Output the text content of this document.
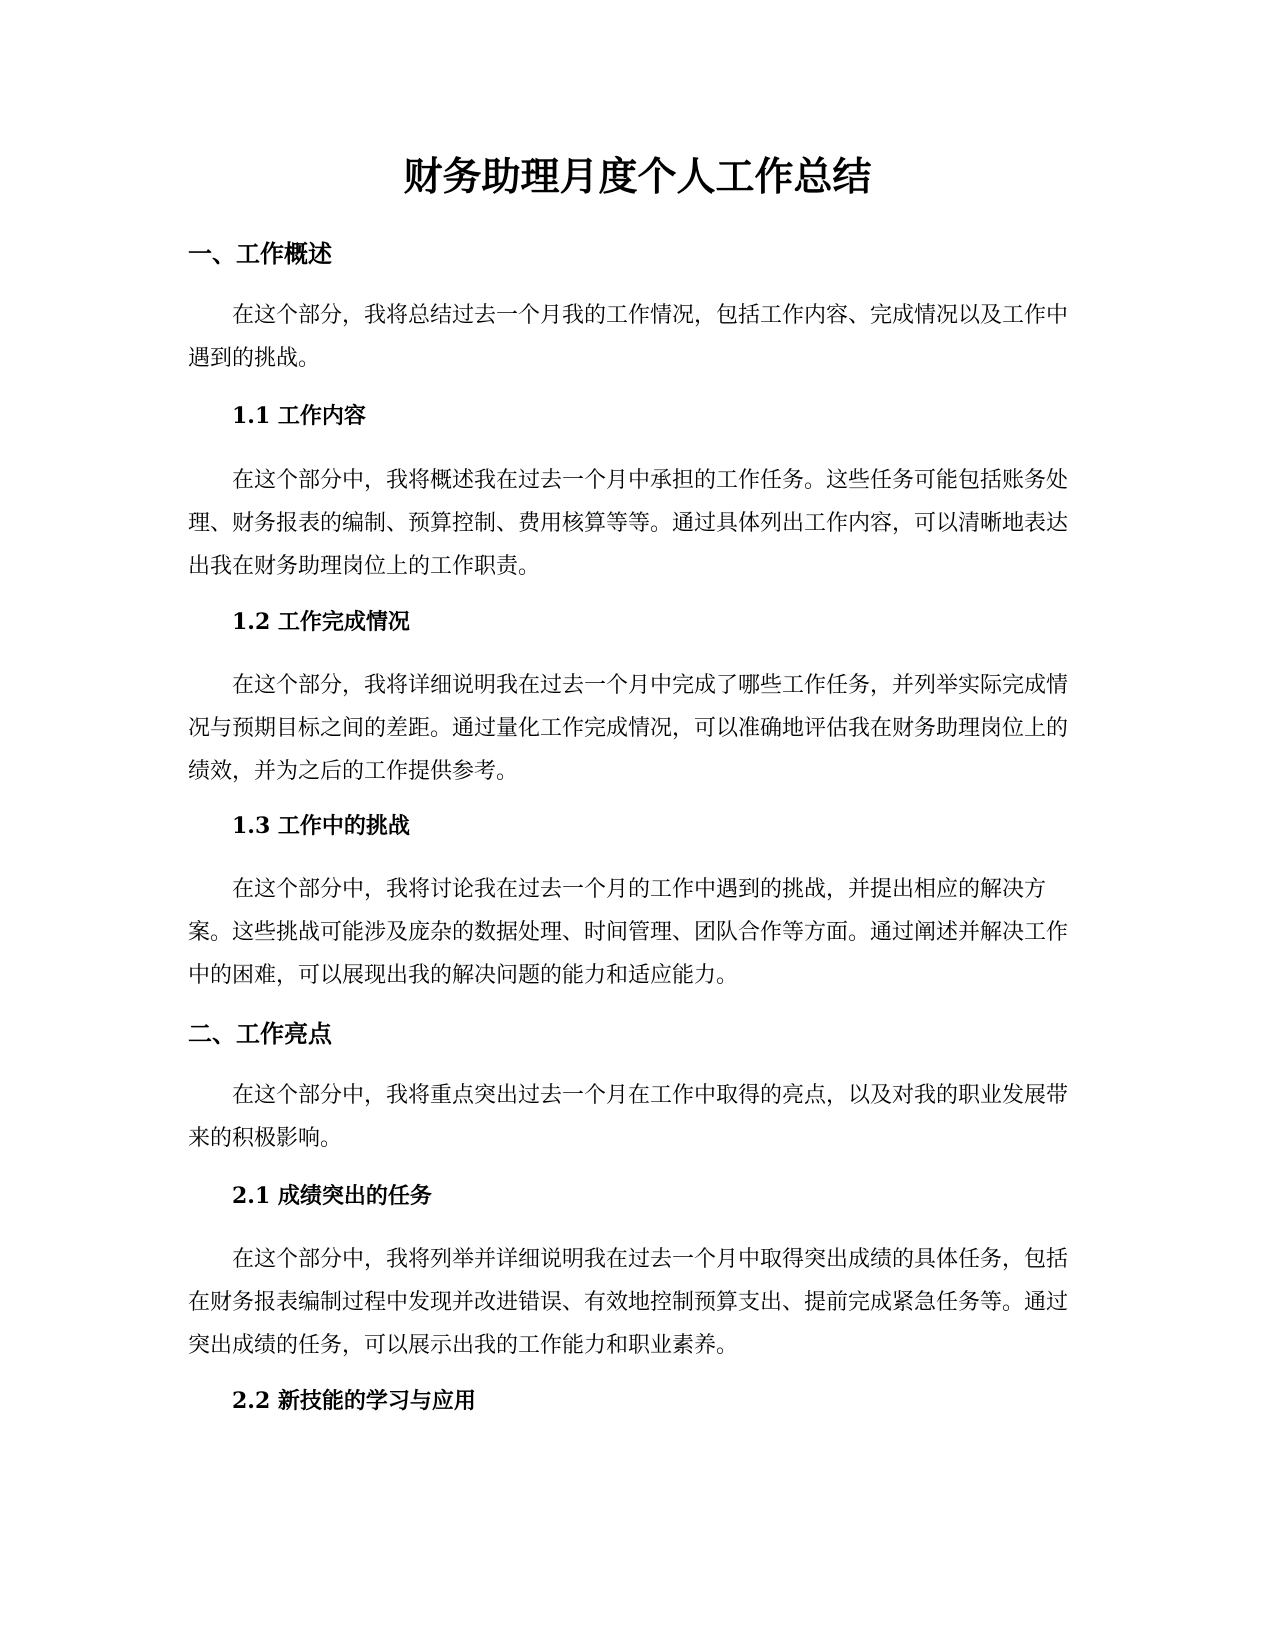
财务助理月度个人工作总结
一、工作概述

在这个部分，我将总结过去一个月我的工作情况，包括工作内容、完成情况以及工作中遇到的挑战。

1.1 工作内容

在这个部分中，我将概述我在过去一个月中承担的工作任务。这些任务可能包括账务处理、财务报表的编制、预算控制、费用核算等等。通过具体列出工作内容，可以清晰地表达出我在财务助理岗位上的工作职责。

1.2 工作完成情况

在这个部分，我将详细说明我在过去一个月中完成了哪些工作任务，并列举实际完成情况与预期目标之间的差距。通过量化工作完成情况，可以准确地评估我在财务助理岗位上的绩效，并为之后的工作提供参考。

1.3 工作中的挑战

在这个部分中，我将讨论我在过去一个月的工作中遇到的挑战，并提出相应的解决方案。这些挑战可能涉及庞杂的数据处理、时间管理、团队合作等方面。通过阐述并解决工作中的困难，可以展现出我的解决问题的能力和适应能力。

二、工作亮点

在这个部分中，我将重点突出过去一个月在工作中取得的亮点，以及对我的职业发展带来的积极影响。

2.1 成绩突出的任务

在这个部分中，我将列举并详细说明我在过去一个月中取得突出成绩的具体任务，包括在财务报表编制过程中发现并改进错误、有效地控制预算支出、提前完成紧急任务等。通过突出成绩的任务，可以展示出我的工作能力和职业素养。

2.2 新技能的学习与应用
